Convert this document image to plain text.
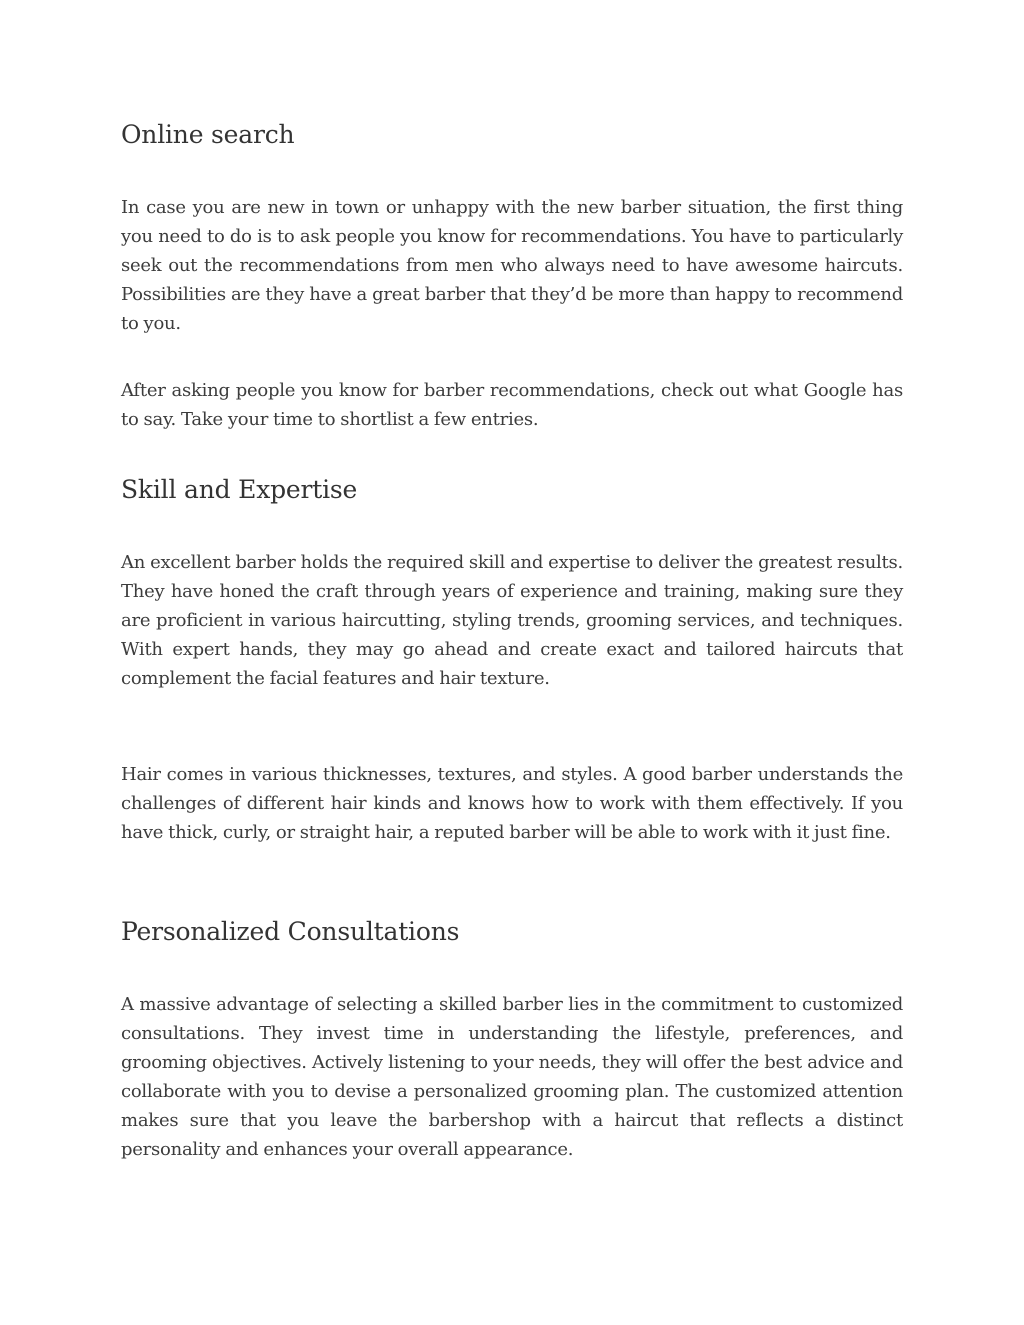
Online search

In case you are new in town or unhappy with the new barber situation, the first thing you need to do is to ask people you know for recommendations. You have to particularly seek out the recommendations from men who always need to have awesome haircuts. Possibilities are they have a great barber that they’d be more than happy to recommend to you.

After asking people you know for barber recommendations, check out what Google has to say. Take your time to shortlist a few entries.

Skill and Expertise

An excellent barber holds the required skill and expertise to deliver the greatest results. They have honed the craft through years of experience and training, making sure they are proficient in various haircutting, styling trends, grooming services, and techniques. With expert hands, they may go ahead and create exact and tailored haircuts that complement the facial features and hair texture.

Hair comes in various thicknesses, textures, and styles. A good barber understands the challenges of different hair kinds and knows how to work with them effectively. If you have thick, curly, or straight hair, a reputed barber will be able to work with it just fine.

Personalized Consultations

A massive advantage of selecting a skilled barber lies in the commitment to customized consultations. They invest time in understanding the lifestyle, preferences, and grooming objectives. Actively listening to your needs, they will offer the best advice and collaborate with you to devise a personalized grooming plan. The customized attention makes sure that you leave the barbershop with a haircut that reflects a distinct personality and enhances your overall appearance.
